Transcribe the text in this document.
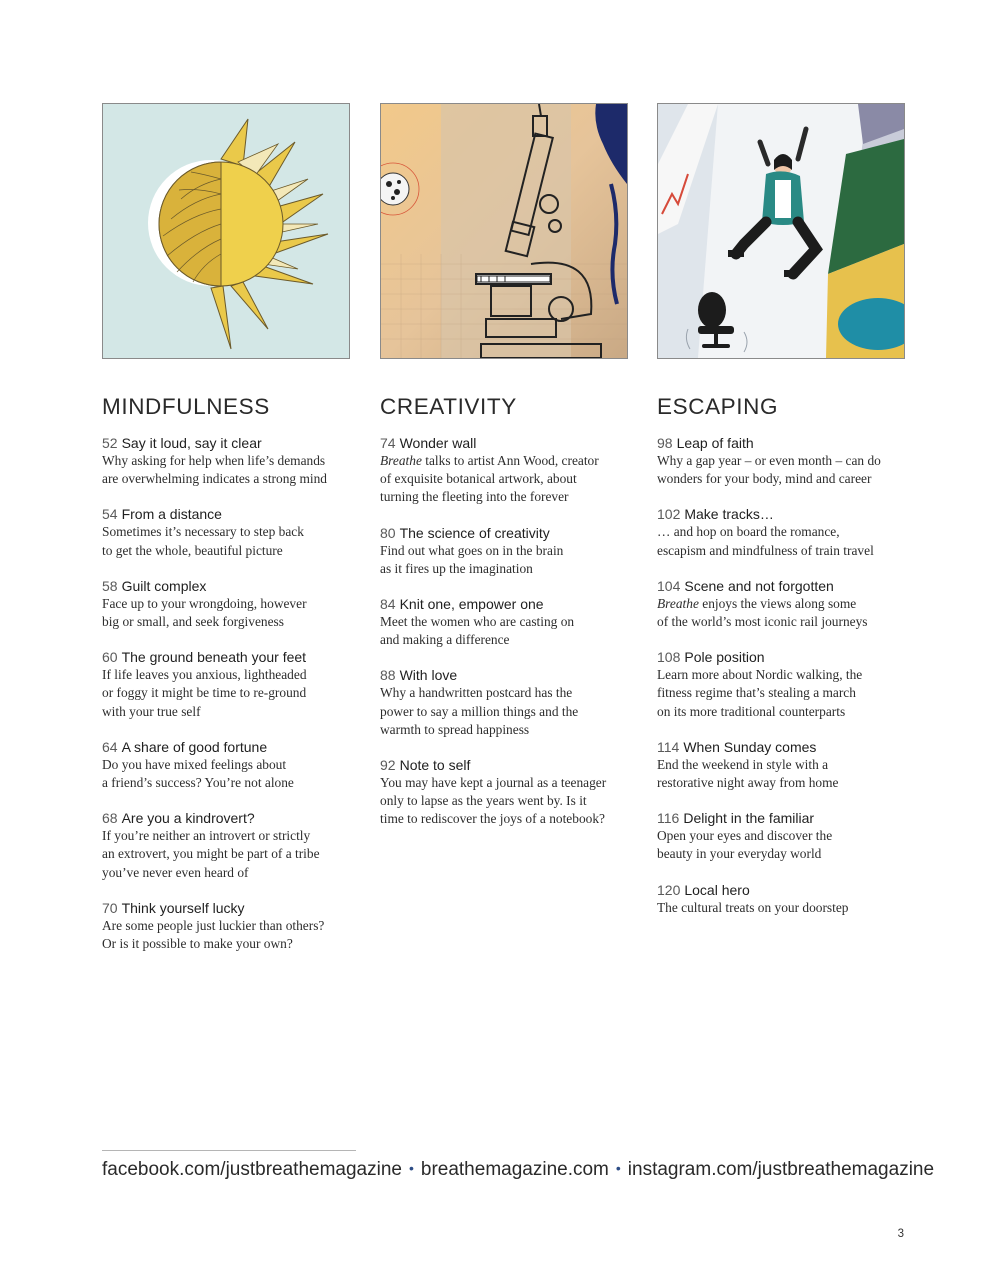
MINDFULNESS
52 Say it loud, say it clear
Why asking for help when life’s demands
are overwhelming indicates a strong mind
54 From a distance
Sometimes it’s necessary to step back
to get the whole, beautiful picture
58 Guilt complex
Face up to your wrongdoing, however
big or small, and seek forgiveness
60 The ground beneath your feet
If life leaves you anxious, lightheaded
or foggy it might be time to re-ground
with your true self
64 A share of good fortune
Do you have mixed feelings about
a friend’s success? You’re not alone
68 Are you a kindrovert?
If you’re neither an introvert or strictly
an extrovert, you might be part of a tribe
you’ve never even heard of
70 Think yourself lucky
Are some people just luckier than others?
Or is it possible to make your own?
CREATIVITY
74 Wonder wall
Breathe talks to artist Ann Wood, creator
of exquisite botanical artwork, about
turning the fleeting into the forever
80 The science of creativity
Find out what goes on in the brain
as it fires up the imagination
84 Knit one, empower one
Meet the women who are casting on
and making a difference
88 With love
Why a handwritten postcard has the
power to say a million things and the
warmth to spread happiness
92 Note to self
You may have kept a journal as a teenager
only to lapse as the years went by. Is it
time to rediscover the joys of a notebook?
ESCAPING
98 Leap of faith
Why a gap year – or even month – can do
wonders for your body, mind and career
102 Make tracks…
… and hop on board the romance,
escapism and mindfulness of train travel
104 Scene and not forgotten
Breathe enjoys the views along some
of the world’s most iconic rail journeys
108 Pole position
Learn more about Nordic walking, the
fitness regime that’s stealing a march
on its more traditional counterparts
114 When Sunday comes
End the weekend in style with a
restorative night away from home
116 Delight in the familiar
Open your eyes and discover the
beauty in your everyday world
120 Local hero
The cultural treats on your doorstep
facebook.com/justbreathemagazine • breathemagazine.com • instagram.com/justbreathemagazine
3
